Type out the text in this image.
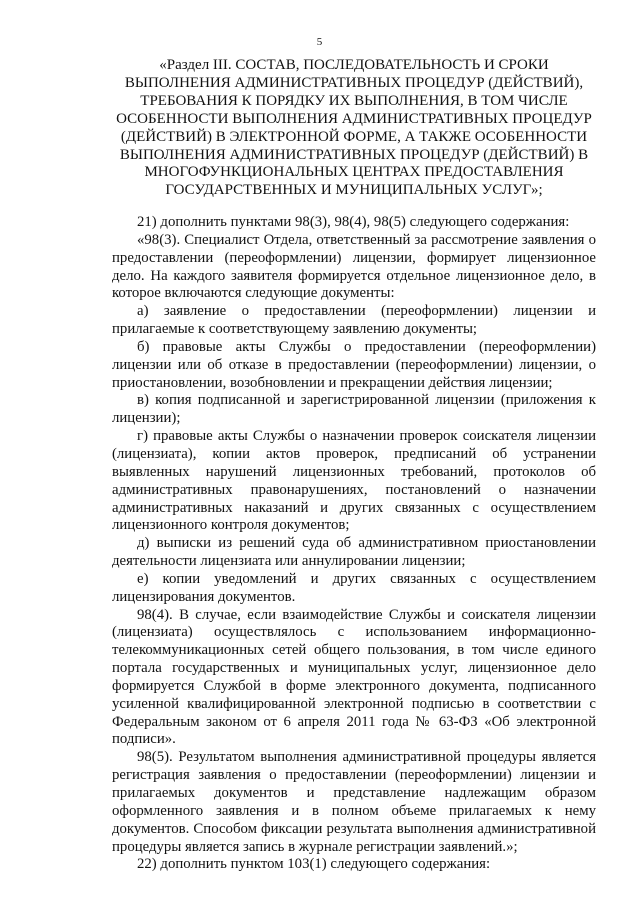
5

«Раздел III. СОСТАВ, ПОСЛЕДОВАТЕЛЬНОСТЬ И СРОКИ ВЫПОЛНЕНИЯ АДМИНИСТРАТИВНЫХ ПРОЦЕДУР (ДЕЙСТВИЙ), ТРЕБОВАНИЯ К ПОРЯДКУ ИХ ВЫПОЛНЕНИЯ, В ТОМ ЧИСЛЕ ОСОБЕННОСТИ ВЫПОЛНЕНИЯ АДМИНИСТРАТИВНЫХ ПРОЦЕДУР (ДЕЙСТВИЙ) В ЭЛЕКТРОННОЙ ФОРМЕ, А ТАКЖЕ ОСОБЕННОСТИ ВЫПОЛНЕНИЯ АДМИНИСТРАТИВНЫХ ПРОЦЕДУР (ДЕЙСТВИЙ) В МНОГОФУНКЦИОНАЛЬНЫХ ЦЕНТРАХ ПРЕДОСТАВЛЕНИЯ ГОСУДАРСТВЕННЫХ И МУНИЦИПАЛЬНЫХ УСЛУГ»;

21) дополнить пунктами 98(3), 98(4), 98(5) следующего содержания:

«98(3). Специалист Отдела, ответственный за рассмотрение заявления о предоставлении (переоформлении) лицензии, формирует лицензионное дело. На каждого заявителя формируется отдельное лицензионное дело, в которое включаются следующие документы:

а) заявление о предоставлении (переоформлении) лицензии и прилагаемые к соответствующему заявлению документы;

б) правовые акты Службы о предоставлении (переоформлении) лицензии или об отказе в предоставлении (переоформлении) лицензии, о приостановлении, возобновлении и прекращении действия лицензии;

в) копия подписанной и зарегистрированной лицензии (приложения к лицензии);

г) правовые акты Службы о назначении проверок соискателя лицензии (лицензиата), копии актов проверок, предписаний об устранении выявленных нарушений лицензионных требований, протоколов об административных правонарушениях, постановлений о назначении административных наказаний и других связанных с осуществлением лицензионного контроля документов;

д) выписки из решений суда об административном приостановлении деятельности лицензиата или аннулировании лицензии;

е) копии уведомлений и других связанных с осуществлением лицензирования документов.

98(4). В случае, если взаимодействие Службы и соискателя лицензии (лицензиата) осуществлялось с использованием информационно-телекоммуникационных сетей общего пользования, в том числе единого портала государственных и муниципальных услуг, лицензионное дело формируется Службой в форме электронного документа, подписанного усиленной квалифицированной электронной подписью в соответствии с Федеральным законом от 6 апреля 2011 года № 63-ФЗ «Об электронной подписи».

98(5). Результатом выполнения административной процедуры является регистрация заявления о предоставлении (переоформлении) лицензии и прилагаемых документов и представление надлежащим образом оформленного заявления и в полном объеме прилагаемых к нему документов. Способом фиксации результата выполнения административной процедуры является запись в журнале регистрации заявлений.»;

22) дополнить пунктом 103(1) следующего содержания:
